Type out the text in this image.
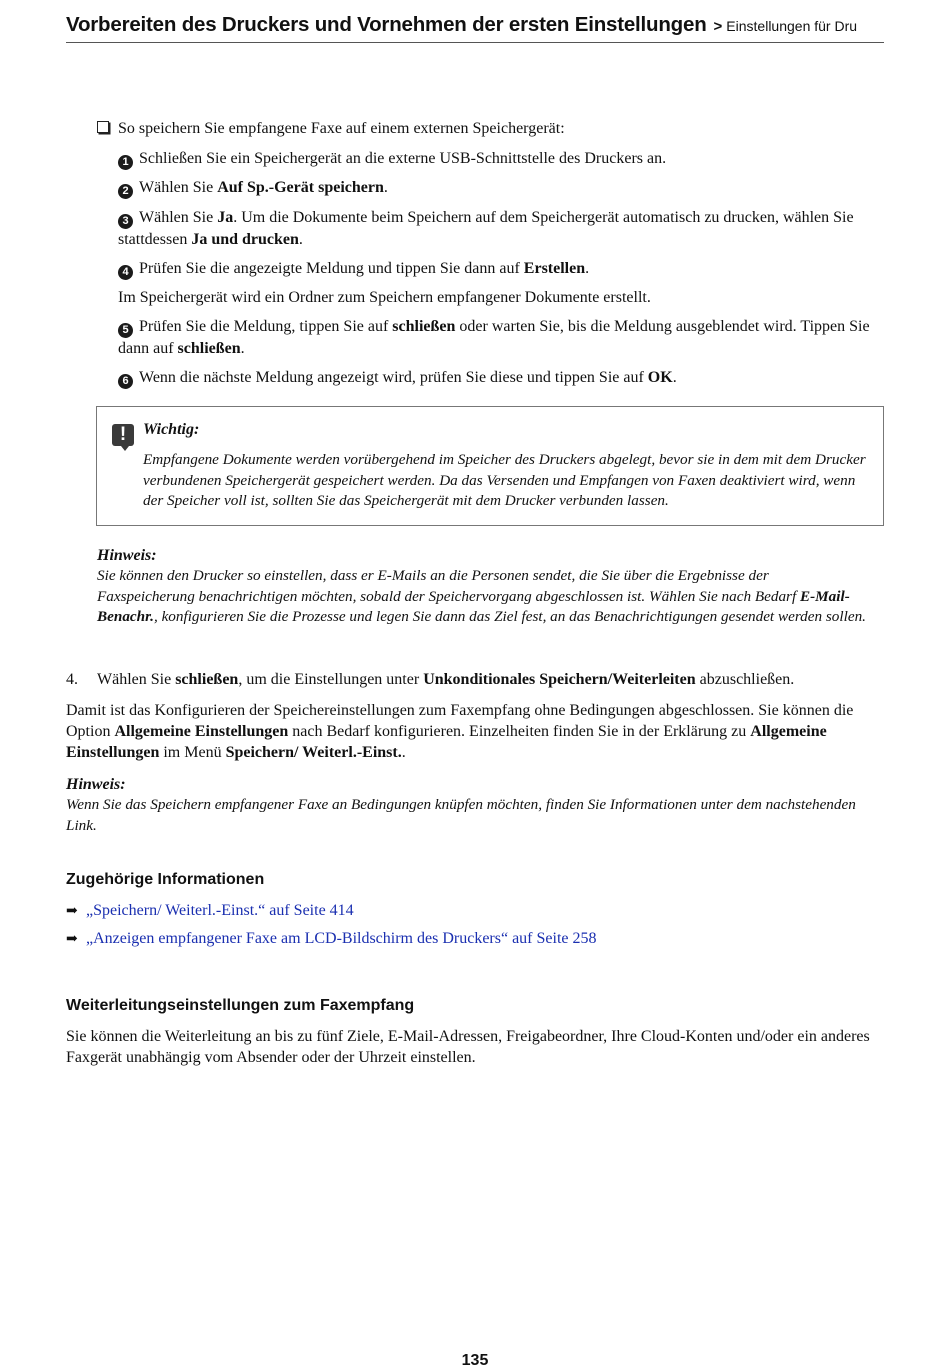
Vorbereiten des Druckers und Vornehmen der ersten Einstellungen > Einstellungen für Dru
So speichern Sie empfangene Faxe auf einem externen Speichergerät:
1 Schließen Sie ein Speichergerät an die externe USB-Schnittstelle des Druckers an.
2 Wählen Sie Auf Sp.-Gerät speichern.
3 Wählen Sie Ja. Um die Dokumente beim Speichern auf dem Speichergerät automatisch zu drucken, wählen Sie stattdessen Ja und drucken.
4 Prüfen Sie die angezeigte Meldung und tippen Sie dann auf Erstellen.
Im Speichergerät wird ein Ordner zum Speichern empfangener Dokumente erstellt.
5 Prüfen Sie die Meldung, tippen Sie auf schließen oder warten Sie, bis die Meldung ausgeblendet wird. Tippen Sie dann auf schließen.
6 Wenn die nächste Meldung angezeigt wird, prüfen Sie diese und tippen Sie auf OK.
!	Wichtig:
Empfangene Dokumente werden vorübergehend im Speicher des Druckers abgelegt, bevor sie in dem mit dem Drucker verbundenen Speichergerät gespeichert werden. Da das Versenden und Empfangen von Faxen deaktiviert wird, wenn der Speicher voll ist, sollten Sie das Speichergerät mit dem Drucker verbunden lassen.
Hinweis:
Sie können den Drucker so einstellen, dass er E-Mails an die Personen sendet, die Sie über die Ergebnisse der Faxspeicherung benachrichtigen möchten, sobald der Speichervorgang abgeschlossen ist. Wählen Sie nach Bedarf E-Mail-Benachr., konfigurieren Sie die Prozesse und legen Sie dann das Ziel fest, an das Benachrichtigungen gesendet werden sollen.
4. Wählen Sie schließen, um die Einstellungen unter Unkonditionales Speichern/Weiterleiten abzuschließen.
Damit ist das Konfigurieren der Speichereinstellungen zum Faxempfang ohne Bedingungen abgeschlossen. Sie können die Option Allgemeine Einstellungen nach Bedarf konfigurieren. Einzelheiten finden Sie in der Erklärung zu Allgemeine Einstellungen im Menü Speichern/ Weiterl.-Einst..
Hinweis:
Wenn Sie das Speichern empfangener Faxe an Bedingungen knüpfen möchten, finden Sie Informationen unter dem nachstehenden Link.
Zugehörige Informationen
➡ „Speichern/ Weiterl.-Einst.“ auf Seite 414
➡ „Anzeigen empfangener Faxe am LCD-Bildschirm des Druckers“ auf Seite 258
Weiterleitungseinstellungen zum Faxempfang
Sie können die Weiterleitung an bis zu fünf Ziele, E-Mail-Adressen, Freigabeordner, Ihre Cloud-Konten und/oder ein anderes Faxgerät unabhängig vom Absender oder der Uhrzeit einstellen.
135
